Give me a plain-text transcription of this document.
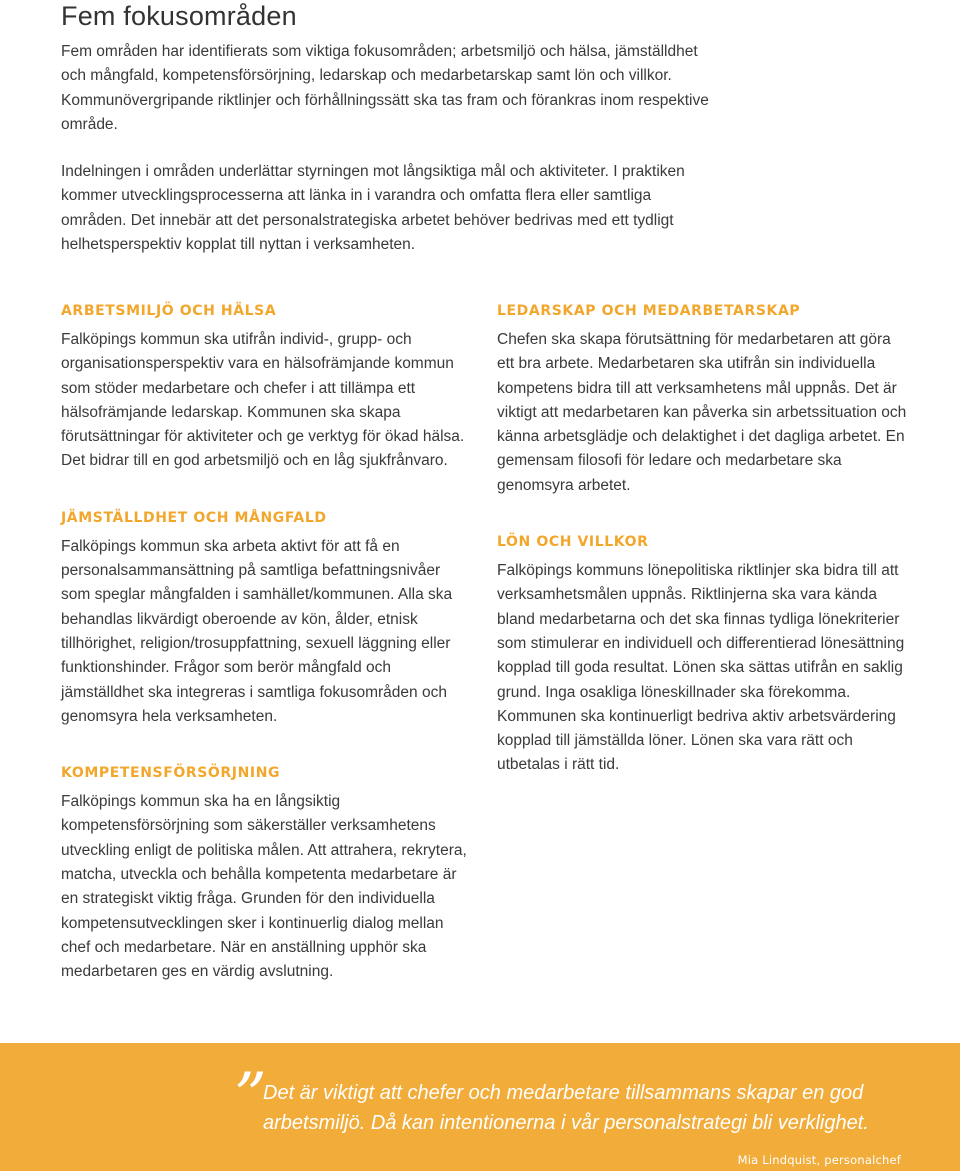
Fem fokusområden

Fem områden har identifierats som viktiga fokusområden; arbetsmiljö och hälsa, jämställdhet och mångfald, kompetensförsörjning, ledarskap och medarbetarskap samt lön och villkor. Kommunövergripande riktlinjer och förhållningssätt ska tas fram och förankras inom respektive område.

Indelningen i områden underlättar styrningen mot långsiktiga mål och aktiviteter. I praktiken kommer utvecklingsprocesserna att länka in i varandra och omfatta flera eller samtliga områden. Det innebär att det personalstrategiska arbetet behöver bedrivas med ett tydligt helhetsperspektiv kopplat till nyttan i verksamheten.

ARBETSMILJÖ OCH HÄLSA

Falköpings kommun ska utifrån individ-, grupp- och organisationsperspektiv vara en hälsofrämjande kommun som stöder medarbetare och chefer i att tillämpa ett hälsofrämjande ledarskap. Kommunen ska skapa förutsättningar för aktiviteter och ge verktyg för ökad hälsa. Det bidrar till en god arbetsmiljö och en låg sjukfrånvaro.

JÄMSTÄLLDHET OCH MÅNGFALD

Falköpings kommun ska arbeta aktivt för att få en personalsammansättning på samtliga befattningsnivåer som speglar mångfalden i samhället/kommunen. Alla ska behandlas likvärdigt oberoende av kön, ålder, etnisk tillhörighet, religion/trosuppfattning, sexuell läggning eller funktionshinder. Frågor som berör mångfald och jämställdhet ska integreras i samtliga fokusområden och genomsyra hela verksamheten.

KOMPETENSFÖRSÖRJNING

Falköpings kommun ska ha en långsiktig kompetensförsörjning som säkerställer verksamhetens utveckling enligt de politiska målen. Att attrahera, rekrytera, matcha, utveckla och behålla kompetenta medarbetare är en strategiskt viktig fråga. Grunden för den individuella kompetensutvecklingen sker i kontinuerlig dialog mellan chef och medarbetare. När en anställning upphör ska medarbetaren ges en värdig avslutning.

LEDARSKAP OCH MEDARBETARSKAP

Chefen ska skapa förutsättning för medarbetaren att göra ett bra arbete. Medarbetaren ska utifrån sin individuella kompetens bidra till att verksamhetens mål uppnås. Det är viktigt att medarbetaren kan påverka sin arbetssituation och känna arbetsglädje och delaktighet i det dagliga arbetet. En gemensam filosofi för ledare och medarbetare ska genomsyra arbetet.

LÖN OCH VILLKOR

Falköpings kommuns lönepolitiska riktlinjer ska bidra till att verksamhetsmålen uppnås. Riktlinjerna ska vara kända bland medarbetarna och det ska finnas tydliga lönekriterier som stimulerar en individuell och differentierad lönesättning kopplad till goda resultat. Lönen ska sättas utifrån en saklig grund. Inga osakliga löneskillnader ska förekomma. Kommunen ska kontinuerligt bedriva aktiv arbetsvärdering kopplad till jämställda löner. Lönen ska vara rätt och utbetalas i rätt tid.

” Det är viktigt att chefer och medarbetare tillsammans skapar en god arbetsmiljö. Då kan intentionerna i vår personalstrategi bli verklighet.

Mia Lindquist, personalchef
